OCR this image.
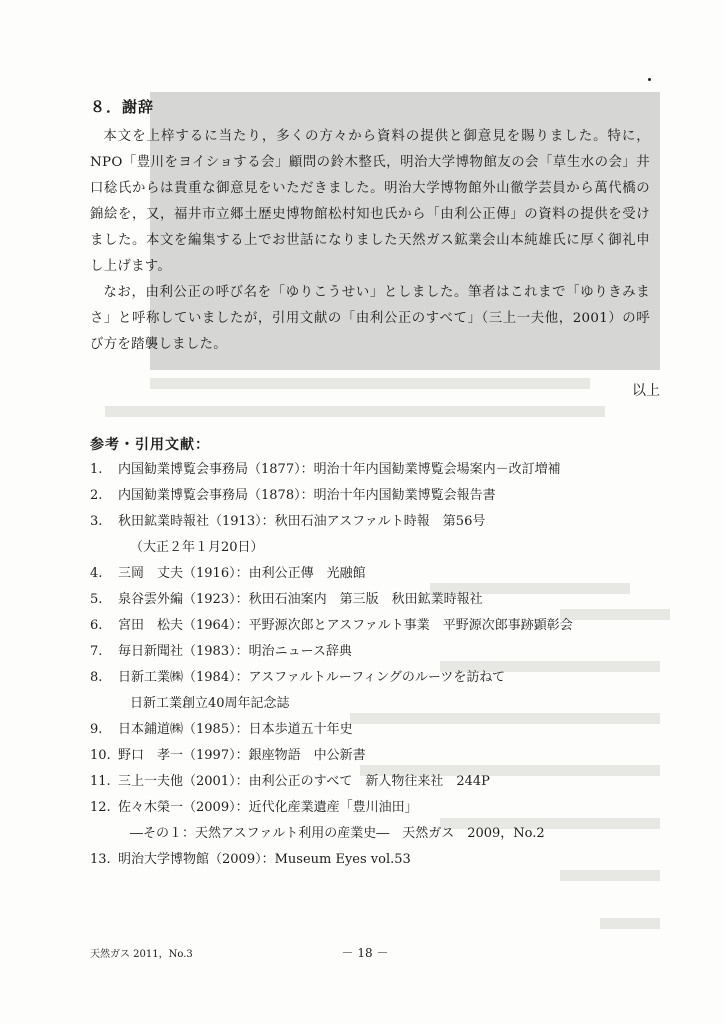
８．謝辞

本文を上梓するに当たり，多くの方々から資料の提供と御意見を賜りました。特に，NPO「豊川をヨイショする会」顧問の鈴木整氏，明治大学博物館友の会「草生水の会」井口稔氏からは貴重な御意見をいただきました。明治大学博物館外山徹学芸員から萬代橋の錦絵を，又，福井市立郷土歴史博物館松村知也氏から「由利公正傳」の資料の提供を受けました。本文を編集する上でお世話になりました天然ガス鉱業会山本純雄氏に厚く御礼申し上げます。

なお，由利公正の呼び名を「ゆりこうせい」としました。筆者はこれまで「ゆりきみまさ」と呼称していましたが，引用文献の「由利公正のすべて」（三上一夫他，2001）の呼び方を踏襲しました。

以上
参考・引用文献：
1.	内国勧業博覧会事務局（1877）：明治十年内国勧業博覧会場案内－改訂増補
2.	内国勧業博覧会事務局（1878）：明治十年内国勧業博覧会報告書
3.	秋田鉱業時報社（1913）：秋田石油アスファルト時報　第56号
（大正２年１月20日）
4.	三岡　丈夫（1916）：由利公正傳　光融館
5.	泉谷雲外編（1923）：秋田石油案内　第三版　秋田鉱業時報社
6.	宮田　松夫（1964）：平野源次郎とアスファルト事業　平野源次郎事跡顕彰会
7.	毎日新聞社（1983）：明治ニュース辞典
8.	日新工業㈱（1984）：アスファルトルーフィングのルーツを訪ねて
日新工業創立40周年記念誌
9.	日本鋪道㈱（1985）：日本歩道五十年史
10. 野口　孝一（1997）：銀座物語　中公新書
11. 三上一夫他（2001）：由利公正のすべて　新人物往来社　244P
12. 佐々木榮一（2009）：近代化産業遺産「豊川油田」
―その１：天然アスファルト利用の産業史―　天然ガス　2009，No.2
13. 明治大学博物館（2009）：Museum Eyes vol.53
天然ガス 2011，No.3	－ 18 －
